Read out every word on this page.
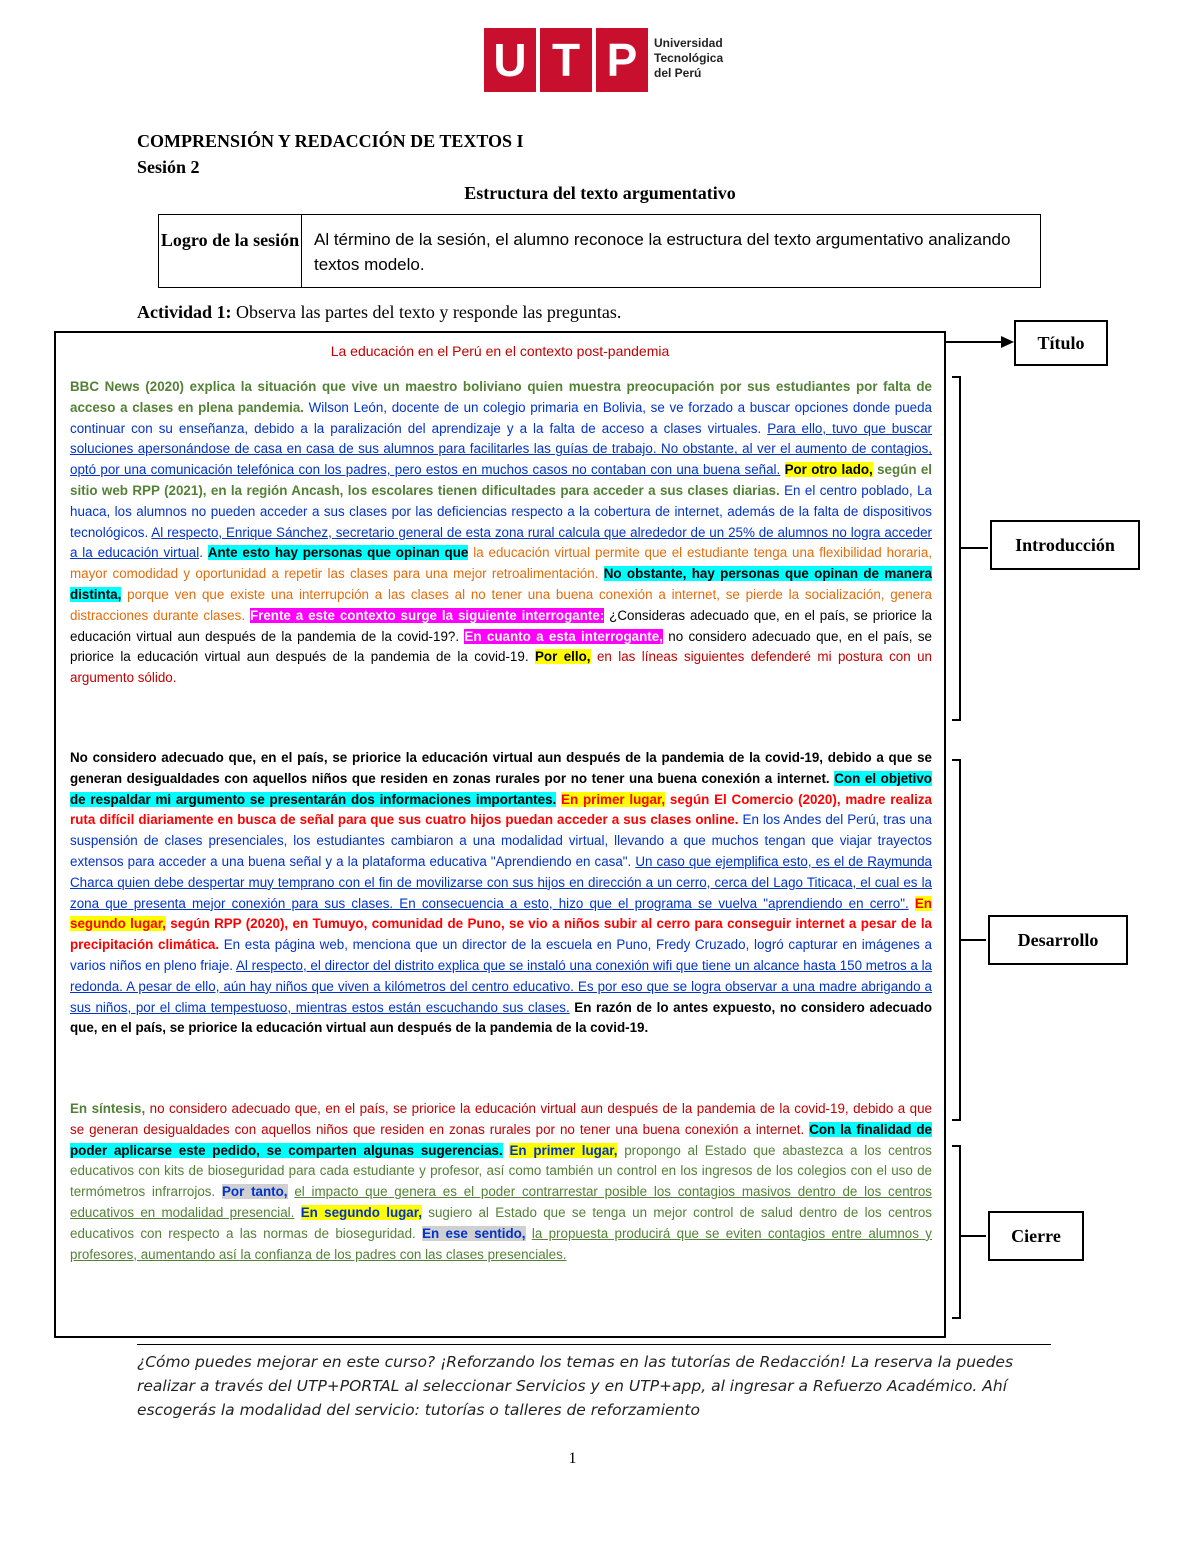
U T P	Universidad
Tecnológica
del Perú
COMPRENSIÓN Y REDACCIÓN DE TEXTOS I
Sesión 2
Estructura del texto argumentativo
Logro de la sesión Al término de la sesión, el alumno reconoce la estructura del texto argumentativo analizando textos modelo.
Actividad 1: Observa las partes del texto y responde las preguntas.
La educación en el Perú en el contexto post-pandemia
BBC News (2020) explica la situación que vive un maestro boliviano quien muestra preocupación por sus estudiantes por falta de acceso a clases en plena pandemia. Wilson León, docente de un colegio primaria en Bolivia, se ve forzado a buscar opciones donde pueda continuar con su enseñanza, debido a la paralización del aprendizaje y a la falta de acceso a clases virtuales. Para ello, tuvo que buscar soluciones apersonándose de casa en casa de sus alumnos para facilitarles las guías de trabajo. No obstante, al ver el aumento de contagios, optó por una comunicación telefónica con los padres, pero estos en muchos casos no contaban con una buena señal. Por otro lado, según el sitio web RPP (2021), en la región Ancash, los escolares tienen dificultades para acceder a sus clases diarias. En el centro poblado, La huaca, los alumnos no pueden acceder a sus clases por las deficiencias respecto a la cobertura de internet, además de la falta de dispositivos tecnológicos. Al respecto, Enrique Sánchez, secretario general de esta zona rural calcula que alrededor de un 25% de alumnos no logra acceder a la educación virtual. Ante esto hay personas que opinan que la educación virtual permite que el estudiante tenga una flexibilidad horaria, mayor comodidad y oportunidad a repetir las clases para una mejor retroalimentación. No obstante, hay personas que opinan de manera distinta, porque ven que existe una interrupción a las clases al no tener una buena conexión a internet, se pierde la socialización, genera distracciones durante clases. Frente a este contexto surge la siguiente interrogante: ¿Consideras adecuado que, en el país, se priorice la educación virtual aun después de la pandemia de la covid-19?. En cuanto a esta interrogante, no considero adecuado que, en el país, se priorice la educación virtual aun después de la pandemia de la covid-19. Por ello, en las líneas siguientes defenderé mi postura con un argumento sólido.
No considero adecuado que, en el país, se priorice la educación virtual aun después de la pandemia de la covid-19, debido a que se generan desigualdades con aquellos niños que residen en zonas rurales por no tener una buena conexión a internet. Con el objetivo de respaldar mi argumento se presentarán dos informaciones importantes. En primer lugar, según El Comercio (2020), madre realiza ruta difícil diariamente en busca de señal para que sus cuatro hijos puedan acceder a sus clases online. En los Andes del Perú, tras una suspensión de clases presenciales, los estudiantes cambiaron a una modalidad virtual, llevando a que muchos tengan que viajar trayectos extensos para acceder a una buena señal y a la plataforma educativa "Aprendiendo en casa". Un caso que ejemplifica esto, es el de Raymunda Charca quien debe despertar muy temprano con el fin de movilizarse con sus hijos en dirección a un cerro, cerca del Lago Titicaca, el cual es la zona que presenta mejor conexión para sus clases. En consecuencia a esto, hizo que el programa se vuelva "aprendiendo en cerro". En segundo lugar, según RPP (2020), en Tumuyo, comunidad de Puno, se vio a niños subir al cerro para conseguir internet a pesar de la precipitación climática. En esta página web, menciona que un director de la escuela en Puno, Fredy Cruzado, logró capturar en imágenes a varios niños en pleno friaje. Al respecto, el director del distrito explica que se instaló una conexión wifi que tiene un alcance hasta 150 metros a la redonda. A pesar de ello, aún hay niños que viven a kilómetros del centro educativo. Es por eso que se logra observar a una madre abrigando a sus niños, por el clima tempestuoso, mientras estos están escuchando sus clases. En razón de lo antes expuesto, no considero adecuado que, en el país, se priorice la educación virtual aun después de la pandemia de la covid-19.
En síntesis, no considero adecuado que, en el país, se priorice la educación virtual aun después de la pandemia de la covid-19, debido a que se generan desigualdades con aquellos niños que residen en zonas rurales por no tener una buena conexión a internet. Con la finalidad de poder aplicarse este pedido, se comparten algunas sugerencias. En primer lugar, propongo al Estado que abastezca a los centros educativos con kits de bioseguridad para cada estudiante y profesor, así como también un control en los ingresos de los colegios con el uso de termómetros infrarrojos. Por tanto, el impacto que genera es el poder contrarrestar posible los contagios masivos dentro de los centros educativos en modalidad presencial. En segundo lugar, sugiero al Estado que se tenga un mejor control de salud dentro de los centros educativos con respecto a las normas de bioseguridad. En ese sentido, la propuesta producirá que se eviten contagios entre alumnos y profesores, aumentando así la confianza de los padres con las clases presenciales.
Título
Introducción
Desarrollo
Cierre
¿Cómo puedes mejorar en este curso? ¡Reforzando los temas en las tutorías de Redacción! La reserva la puedes realizar a través del UTP+PORTAL al seleccionar Servicios y en UTP+app, al ingresar a Refuerzo Académico. Ahí escogerás la modalidad del servicio: tutorías o talleres de reforzamiento
1
